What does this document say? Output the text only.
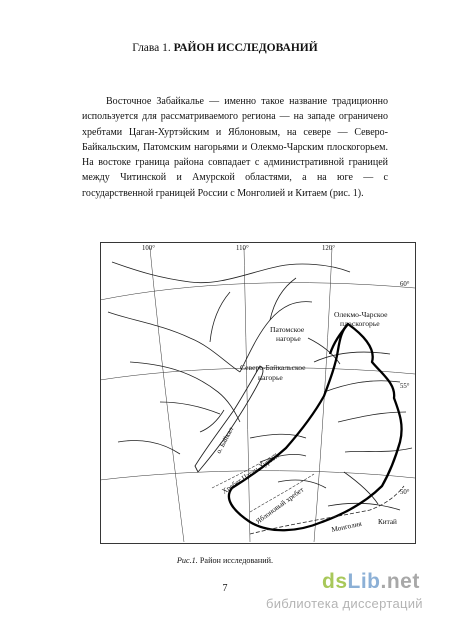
Глава 1. РАЙОН ИССЛЕДОВАНИЙ

Восточное Забайкалье — именно такое название традиционно используется для рассматриваемого региона — на западе ограничено хребтами Цаган-Хуртэйским и Яблоновым, на севере — Северо-Байкальским, Патомским нагорьями и Олекмо-Чарским плоскогорьем. На востоке граница района совпадает с административной границей между Читинской и Амурской областями, а на юге — с государственной границей России с Монголией и Китаем (рис. 1).

100°	110°	120°
60°
55°
50°
Олекмо-Чарское
плоскогорье
Патомское
нагорье
Северо-Байкальское
нагорье
о. Байкал
Хребет Цаган-Хуртэй
Яблоновый хребет
Монголия Китай
Рис.1. Район исследований.
7	dsLib.net
библиотека диссертаций
